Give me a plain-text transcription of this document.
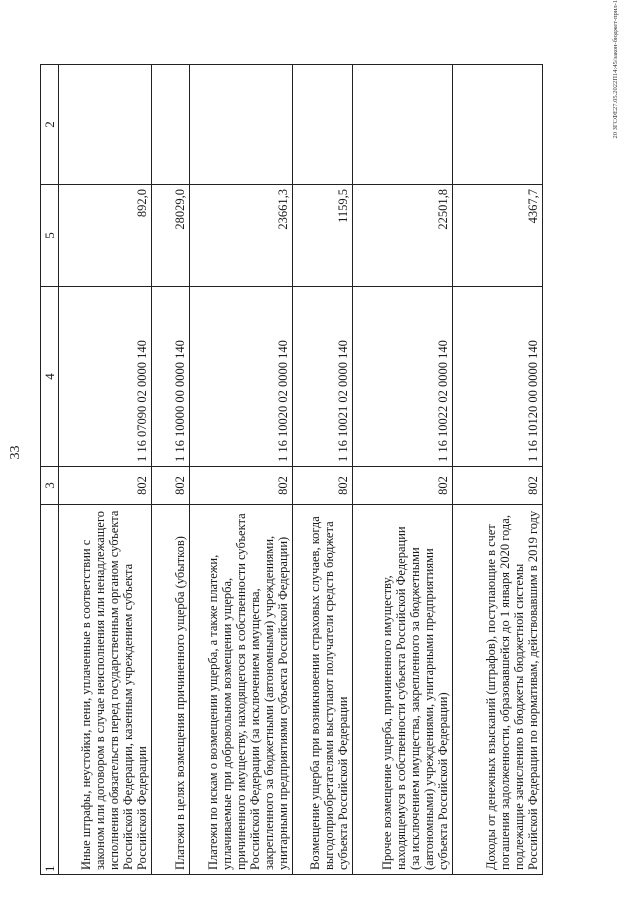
33
1	3	4	5	2
Иные штрафы, неустойки, пени, уплаченные в соответствии с законом или договором в случае неисполнения или ненадлежащего исполнения обязательств перед государственным органом субъекта Российской Федерации, казенным учреждением субъекта Российской Федерации	802	1 16 07090 02 0000 140	892,0	
Платежи в целях возмещения причиненного ущерба (убытков)	802	1 16 10000 00 0000 140	28029,0	
Платежи по искам о возмещении ущерба, а также платежи, уплачиваемые при добровольном возмещении ущерба, причиненного имуществу, находящегося в собственности субъекта Российской Федерации (за исключением имущества, закрепленного за бюджетными (автономными) учреждениями, унитарными предприятиями субъекта Российской Федерации)	802	1 16 10020 02 0000 140	23661,3	
Возмещение ущерба при возникновении страховых случаев, когда выгодоприобретателями выступают получатели средств бюджета субъекта Российской Федерации	802	1 16 10021 02 0000 140	1159,5	
Прочее возмещение ущерба, причиненного имуществу, находящемуся в собственности субъекта Российской Федерации (за исключением имущества, закрепленного за бюджетными (автономными) учреждениями, унитарными предприятиями субъекта Российской Федерации)	802	1 16 10022 02 0000 140	22501,8	
Доходы от денежных взысканий (штрафов), поступающие в счет погашения задолженности, образовавшейся до 1 января 2020 года, подлежащие зачислению в бюджеты бюджетной системы Российской Федерации по нормативам, действовавшим в 2019 году	802	1 16 10120 00 0000 140	4367,7	
20 ЗГСФЕ27.05.2022П14:45/закон-бюджет-прил-1
